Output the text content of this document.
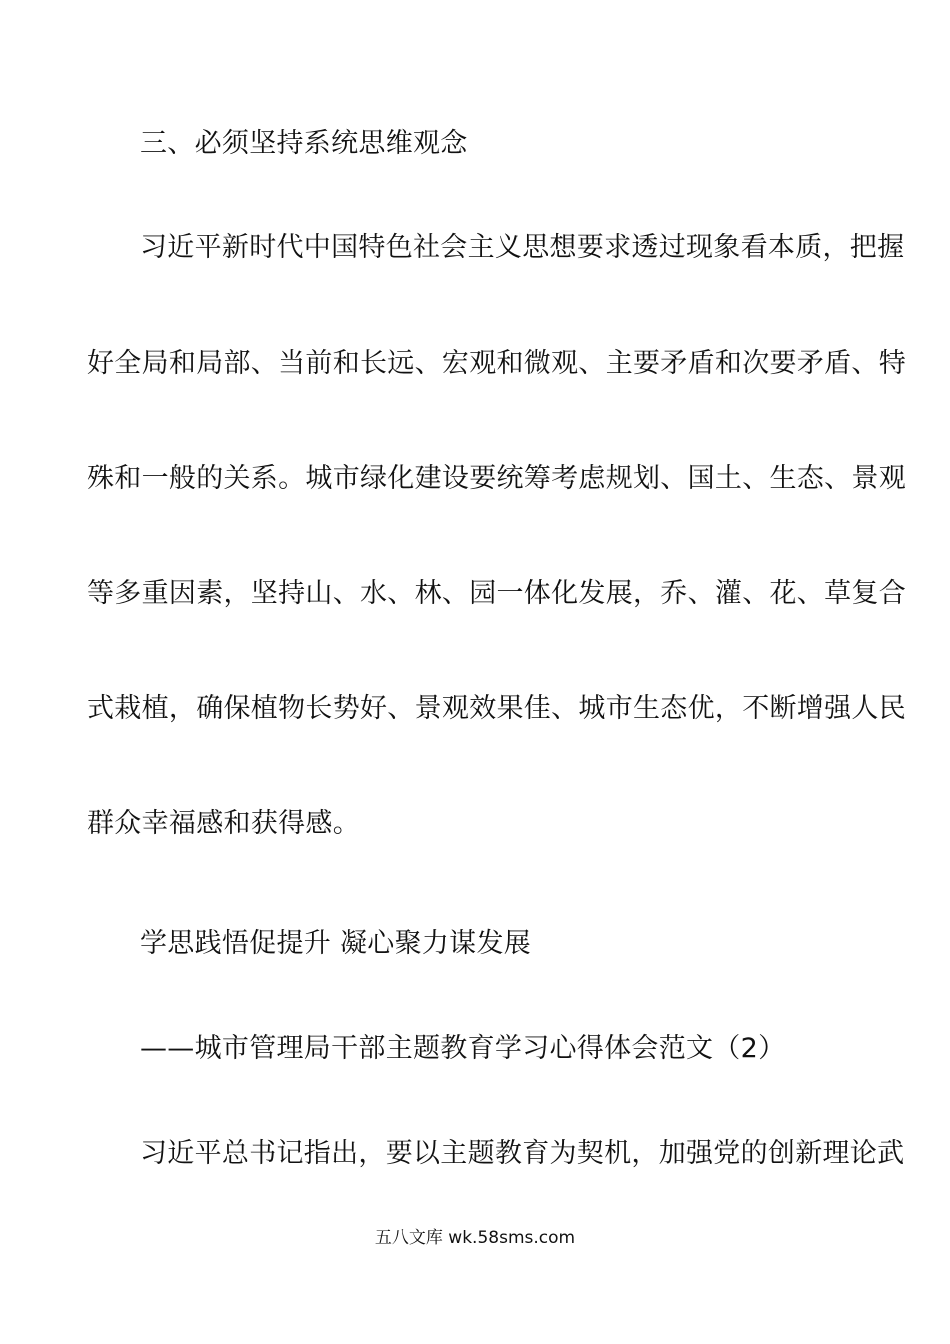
三、必须坚持系统思维观念
习近平新时代中国特色社会主义思想要求透过现象看本质，把握
好全局和局部、当前和长远、宏观和微观、主要矛盾和次要矛盾、特
殊和一般的关系。城市绿化建设要统筹考虑规划、国土、生态、景观
等多重因素，坚持山、水、林、园一体化发展，乔、灌、花、草复合
式栽植，确保植物长势好、景观效果佳、城市生态优，不断增强人民
群众幸福感和获得感。
学思践悟促提升 凝心聚力谋发展
——城市管理局干部主题教育学习心得体会范文（2）
习近平总书记指出，要以主题教育为契机，加强党的创新理论武
五八文库 wk.58sms.com
